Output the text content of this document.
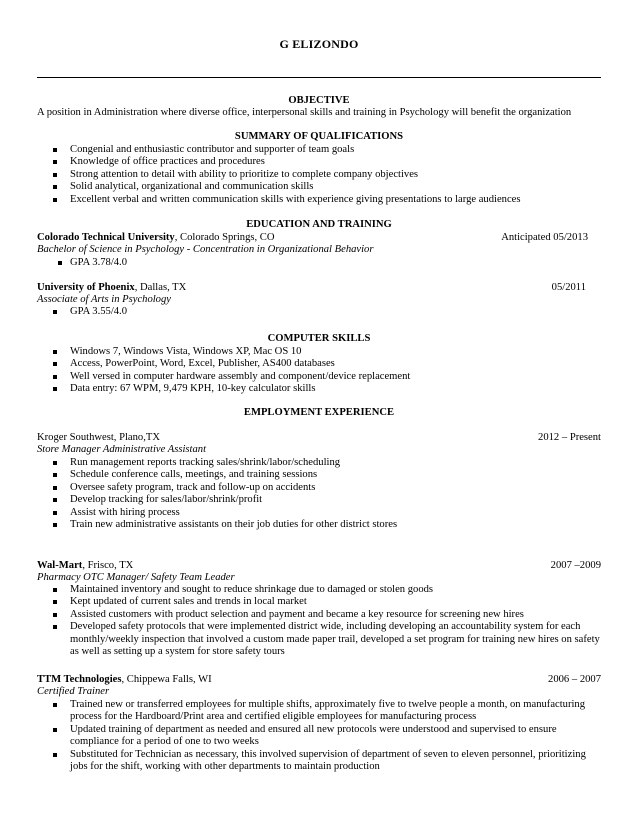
G ELIZONDO
OBJECTIVE
A position in Administration where diverse office, interpersonal skills and training in Psychology will benefit the organization
SUMMARY OF QUALIFICATIONS
Congenial and enthusiastic contributor and supporter of team goals
Knowledge of office practices and procedures
Strong attention to detail with ability to prioritize to complete company objectives
Solid analytical, organizational and communication skills
Excellent verbal and written communication skills with experience giving presentations to large audiences
EDUCATION AND TRAINING
Colorado Technical University, Colorado Springs, CO	Anticipated 05/2013
Bachelor of Science in Psychology - Concentration in Organizational Behavior
GPA 3.78/4.0
University of Phoenix, Dallas, TX	05/2011
Associate of Arts in Psychology
GPA 3.55/4.0
COMPUTER SKILLS
Windows 7, Windows Vista, Windows XP, Mac OS 10
Access, PowerPoint, Word, Excel, Publisher, AS400 databases
Well versed in computer hardware assembly and component/device replacement
Data entry: 67 WPM, 9,479 KPH, 10-key calculator skills
EMPLOYMENT EXPERIENCE
Kroger Southwest, Plano,TX	2012 – Present
Store Manager Administrative Assistant
Run management reports tracking sales/shrink/labor/scheduling
Schedule conference calls, meetings, and training sessions
Oversee safety program, track and follow-up on accidents
Develop tracking for sales/labor/shrink/profit
Assist with hiring process
Train new administrative assistants on their job duties for other district stores
Wal-Mart, Frisco, TX	2007 –2009
Pharmacy OTC Manager/ Safety Team Leader
Maintained inventory and sought to reduce shrinkage due to damaged or stolen goods
Kept updated of current sales and trends in local market
Assisted customers with product selection and payment and became a key resource for screening new hires
Developed safety protocols that were implemented district wide, including developing an accountability system for each monthly/weekly inspection that involved a custom made paper trail, developed a set program for training new hires on safety as well as setting up a system for store safety tours
TTM Technologies, Chippewa Falls, WI	2006 – 2007
Certified Trainer
Trained new or transferred employees for multiple shifts, approximately five to twelve people a month, on manufacturing process for the Hardboard/Print area and certified eligible employees for manufacturing process
Updated training of department as needed and ensured all new protocols were understood and supervised to ensure compliance for a period of one to two weeks
Substituted for Technician as necessary, this involved supervision of department of seven to eleven personnel, prioritizing jobs for the shift, working with other departments to maintain production
